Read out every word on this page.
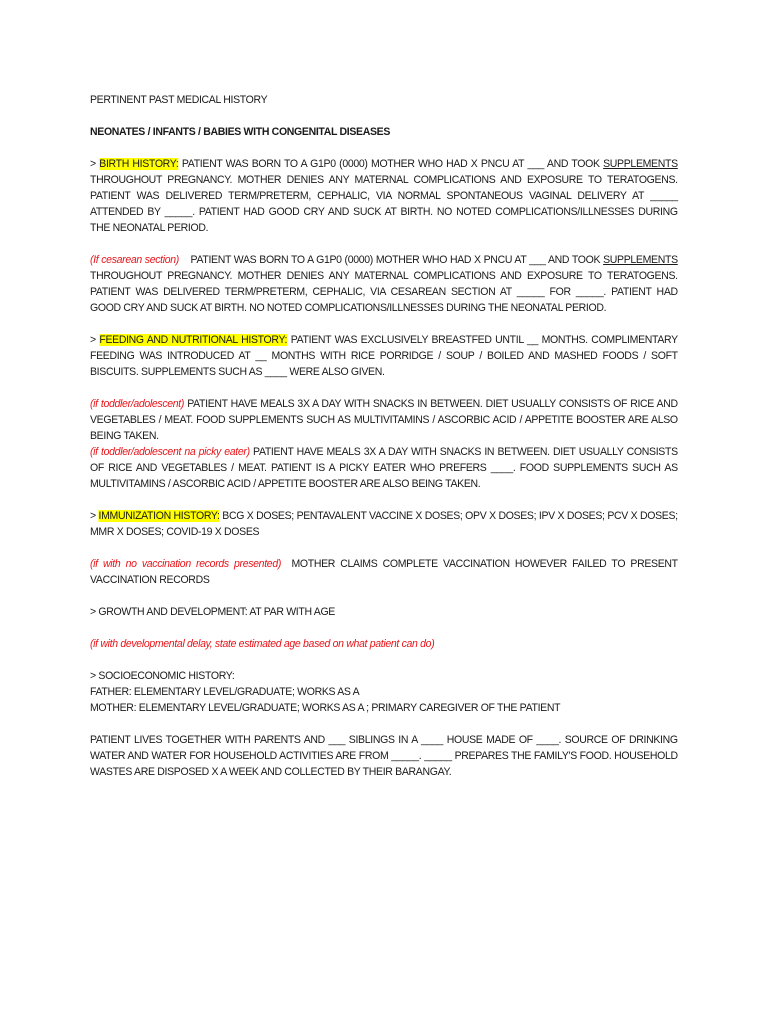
PERTINENT PAST MEDICAL HISTORY

NEONATES / INFANTS / BABIES WITH CONGENITAL DISEASES

> BIRTH HISTORY: PATIENT WAS BORN TO A G1P0 (0000) MOTHER WHO HAD X PNCU AT ___ AND TOOK SUPPLEMENTS THROUGHOUT PREGNANCY. MOTHER DENIES ANY MATERNAL COMPLICATIONS AND EXPOSURE TO TERATOGENS. PATIENT WAS DELIVERED TERM/PRETERM, CEPHALIC, VIA NORMAL SPONTANEOUS VAGINAL DELIVERY AT _____ ATTENDED BY _____. PATIENT HAD GOOD CRY AND SUCK AT BIRTH. NO NOTED COMPLICATIONS/ILLNESSES DURING THE NEONATAL PERIOD.

(If cesarean section)    PATIENT WAS BORN TO A G1P0 (0000) MOTHER WHO HAD X PNCU AT ___ AND TOOK SUPPLEMENTS THROUGHOUT PREGNANCY. MOTHER DENIES ANY MATERNAL COMPLICATIONS AND EXPOSURE TO TERATOGENS. PATIENT WAS DELIVERED TERM/PRETERM, CEPHALIC, VIA CESAREAN SECTION AT _____ FOR _____. PATIENT HAD GOOD CRY AND SUCK AT BIRTH. NO NOTED COMPLICATIONS/ILLNESSES DURING THE NEONATAL PERIOD.

> FEEDING AND NUTRITIONAL HISTORY: PATIENT WAS EXCLUSIVELY BREASTFED UNTIL __ MONTHS. COMPLIMENTARY FEEDING WAS INTRODUCED AT __ MONTHS WITH RICE PORRIDGE / SOUP / BOILED AND MASHED FOODS / SOFT BISCUITS. SUPPLEMENTS SUCH AS ____ WERE ALSO GIVEN.

(if toddler/adolescent) PATIENT HAVE MEALS 3X A DAY WITH SNACKS IN BETWEEN. DIET USUALLY CONSISTS OF RICE AND VEGETABLES / MEAT. FOOD SUPPLEMENTS SUCH AS MULTIVITAMINS / ASCORBIC ACID / APPETITE BOOSTER ARE ALSO BEING TAKEN.

(if toddler/adolescent na picky eater) PATIENT HAVE MEALS 3X A DAY WITH SNACKS IN BETWEEN. DIET USUALLY CONSISTS OF RICE AND VEGETABLES / MEAT. PATIENT IS A PICKY EATER WHO PREFERS ____. FOOD SUPPLEMENTS SUCH AS MULTIVITAMINS / ASCORBIC ACID / APPETITE BOOSTER ARE ALSO BEING TAKEN.

> IMMUNIZATION HISTORY: BCG X DOSES; PENTAVALENT VACCINE X DOSES; OPV X DOSES; IPV X DOSES; PCV X DOSES; MMR X DOSES; COVID-19 X DOSES

(if with no vaccination records presented)  MOTHER CLAIMS COMPLETE VACCINATION HOWEVER FAILED TO PRESENT VACCINATION RECORDS

> GROWTH AND DEVELOPMENT: AT PAR WITH AGE

(if with developmental delay, state estimated age based on what patient can do)

> SOCIOECONOMIC HISTORY:
FATHER: ELEMENTARY LEVEL/GRADUATE; WORKS AS A
MOTHER: ELEMENTARY LEVEL/GRADUATE; WORKS AS A ; PRIMARY CAREGIVER OF THE PATIENT

PATIENT LIVES TOGETHER WITH PARENTS AND ___ SIBLINGS IN A ____ HOUSE MADE OF ____. SOURCE OF DRINKING WATER AND WATER FOR HOUSEHOLD ACTIVITIES ARE FROM _____. _____ PREPARES THE FAMILY'S FOOD. HOUSEHOLD WASTES ARE DISPOSED X A WEEK AND COLLECTED BY THEIR BARANGAY.
